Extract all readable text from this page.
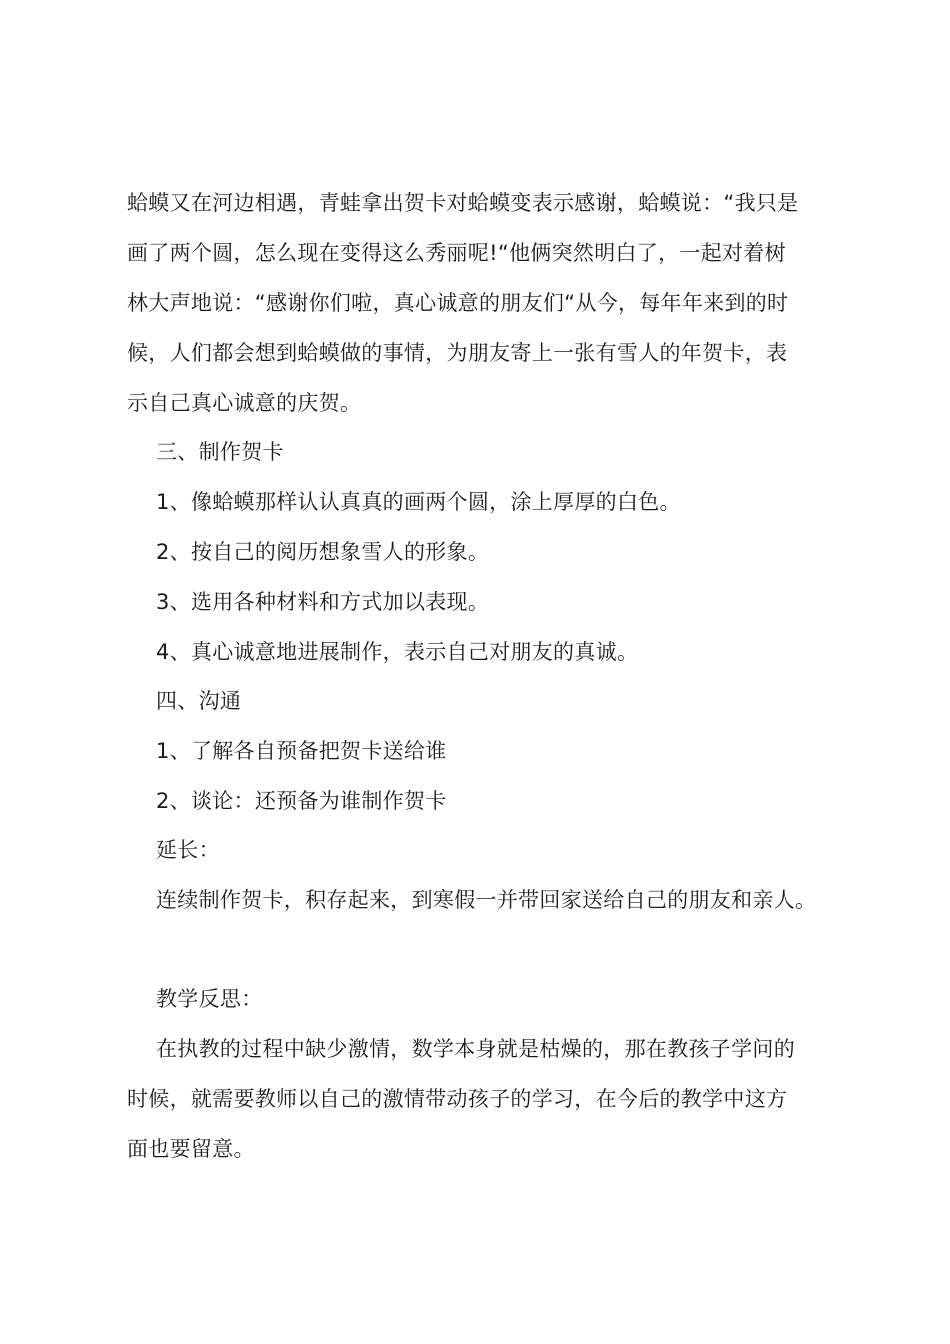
蛤蟆又在河边相遇，青蛙拿出贺卡对蛤蟆变表示感谢，蛤蟆说：“我只是
画了两个圆，怎么现在变得这么秀丽呢!“他俩突然明白了，一起对着树
林大声地说：“感谢你们啦，真心诚意的朋友们“从今，每年年来到的时
候，人们都会想到蛤蟆做的事情，为朋友寄上一张有雪人的年贺卡，表
示自己真心诚意的庆贺。
三、制作贺卡
1、像蛤蟆那样认认真真的画两个圆，涂上厚厚的白色。
2、按自己的阅历想象雪人的形象。
3、选用各种材料和方式加以表现。
4、真心诚意地进展制作，表示自己对朋友的真诚。
四、沟通
1、了解各自预备把贺卡送给谁
2、谈论：还预备为谁制作贺卡
延长：
连续制作贺卡，积存起来，到寒假一并带回家送给自己的朋友和亲人。
教学反思：
在执教的过程中缺少激情，数学本身就是枯燥的，那在教孩子学问的
时候，就需要教师以自己的激情带动孩子的学习，在今后的教学中这方
面也要留意。
